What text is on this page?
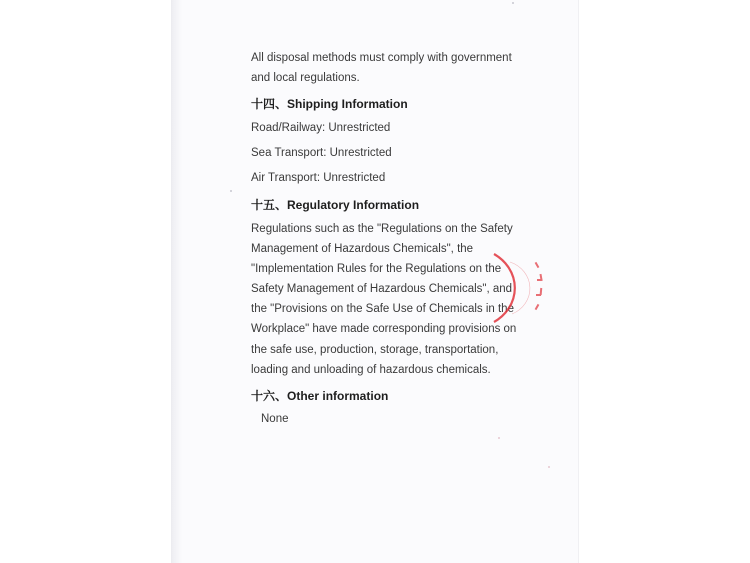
All disposal methods must comply with government

and local regulations.

十四、Shipping Information

Road/Railway: Unrestricted

Sea Transport: Unrestricted

Air Transport: Unrestricted

十五、Regulatory Information

Regulations such as the "Regulations on the Safety

Management of Hazardous Chemicals", the

"Implementation Rules for the Regulations on the

Safety Management of Hazardous Chemicals", and

the "Provisions on the Safe Use of Chemicals in the

Workplace" have made corresponding provisions on

the safe use, production, storage, transportation,

loading and unloading of hazardous chemicals.

十六、Other information

None
